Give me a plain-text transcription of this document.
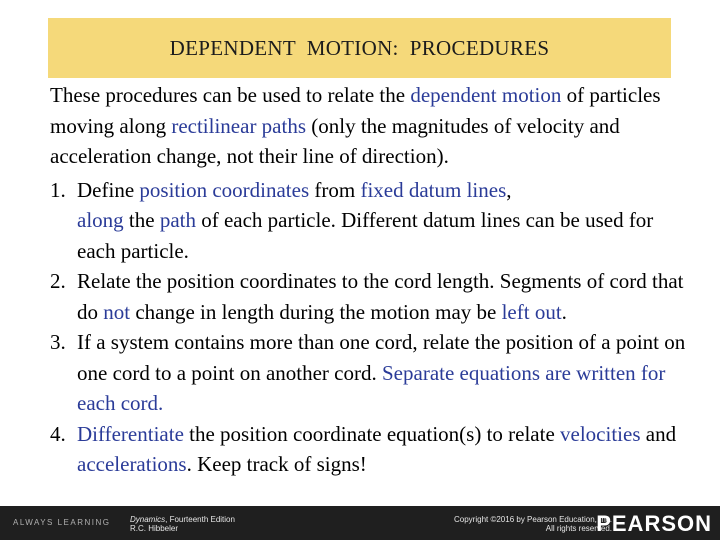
DEPENDENT  MOTION:  PROCEDURES

These procedures can be used to relate the dependent motion of particles moving along rectilinear paths (only the magnitudes of velocity and acceleration change, not their line of direction).

1. Define position coordinates from fixed datum lines,
along the path of each particle. Different datum lines can be used for each particle.
2. Relate the position coordinates to the cord length. Segments of cord that do not change in length during the motion may be left out.
3. If a system contains more than one cord, relate the position of a point on one cord to a point on another cord. Separate equations are written for each cord.
4. Differentiate the position coordinate equation(s) to relate velocities and accelerations. Keep track of signs!
ALWAYS LEARNING Dynamics, Fourteenth Edition
R.C. Hibbeler
Copyright ©2016 by Pearson Education, Inc.
All rights reserved.
PEARSON
